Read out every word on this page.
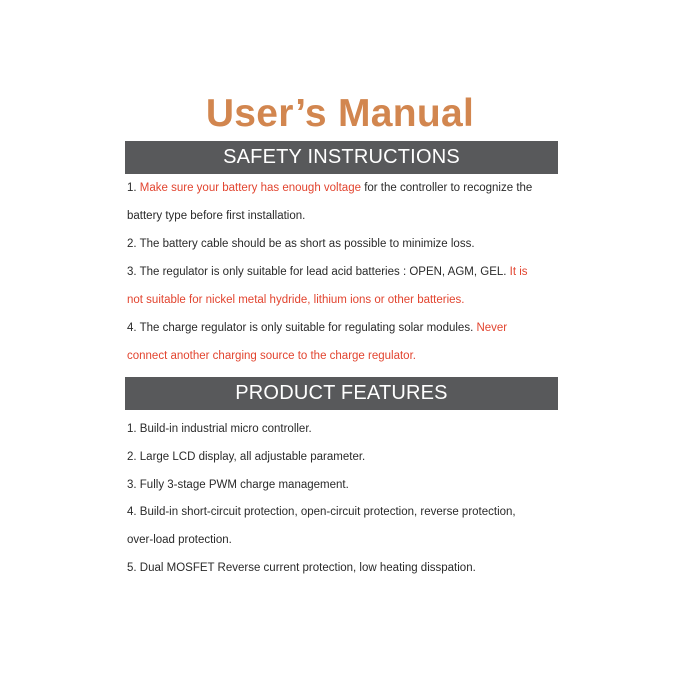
User’s Manual
SAFETY INSTRUCTIONS
1. Make sure your battery has enough voltage for the controller to recognize the
battery type before first installation.
2. The battery cable should be as short as possible to minimize loss.
3. The regulator is only suitable for lead acid batteries : OPEN, AGM, GEL. It is
not suitable for nickel metal hydride, lithium ions or other batteries.
4. The charge regulator is only suitable for regulating solar modules. Never
connect another charging source to the charge regulator.
PRODUCT FEATURES
1. Build-in industrial micro controller.
2. Large LCD display, all adjustable parameter.
3. Fully 3-stage PWM charge management.
4. Build-in short-circuit protection, open-circuit protection, reverse protection,
over-load protection.
5. Dual MOSFET Reverse current protection, low heating disspation.
